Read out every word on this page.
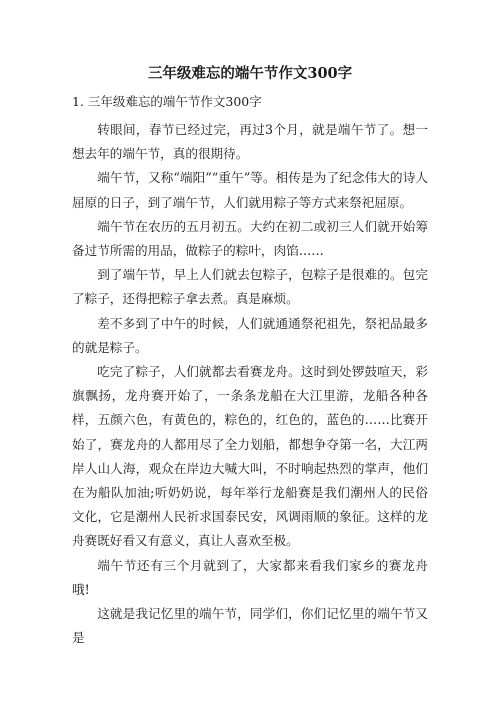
三年级难忘的端午节作文300字
1. 三年级难忘的端午节作文300字

转眼间，春节已经过完，再过3个月，就是端午节了。想一想去年的端午节，真的很期待。

端午节，又称“端阳”“重午”等。相传是为了纪念伟大的诗人屈原的日子，到了端午节，人们就用粽子等方式来祭祀屈原。

端午节在农历的五月初五。大约在初二或初三人们就开始筹备过节所需的用品，做粽子的粽叶，肉馅……

到了端午节，早上人们就去包粽子，包粽子是很难的。包完了粽子，还得把粽子拿去煮。真是麻烦。

差不多到了中午的时候，人们就通通祭祀祖先，祭祀品最多的就是粽子。

吃完了粽子，人们就都去看赛龙舟。这时到处锣鼓喧天，彩旗飘扬，龙舟赛开始了，一条条龙船在大江里游，龙船各种各样，五颜六色，有黄色的，粽色的，红色的，蓝色的……比赛开始了，赛龙舟的人都用尽了全力划船，都想争夺第一名，大江两岸人山人海，观众在岸边大喊大叫，不时响起热烈的掌声，他们在为船队加油;听奶奶说，每年举行龙船赛是我们潮州人的民俗文化，它是潮州人民祈求国泰民安，风调雨顺的象征。这样的龙舟赛既好看又有意义，真让人喜欢至极。

端午节还有三个月就到了，大家都来看我们家乡的赛龙舟哦!

这就是我记忆里的端午节，同学们，你们记忆里的端午节又是
